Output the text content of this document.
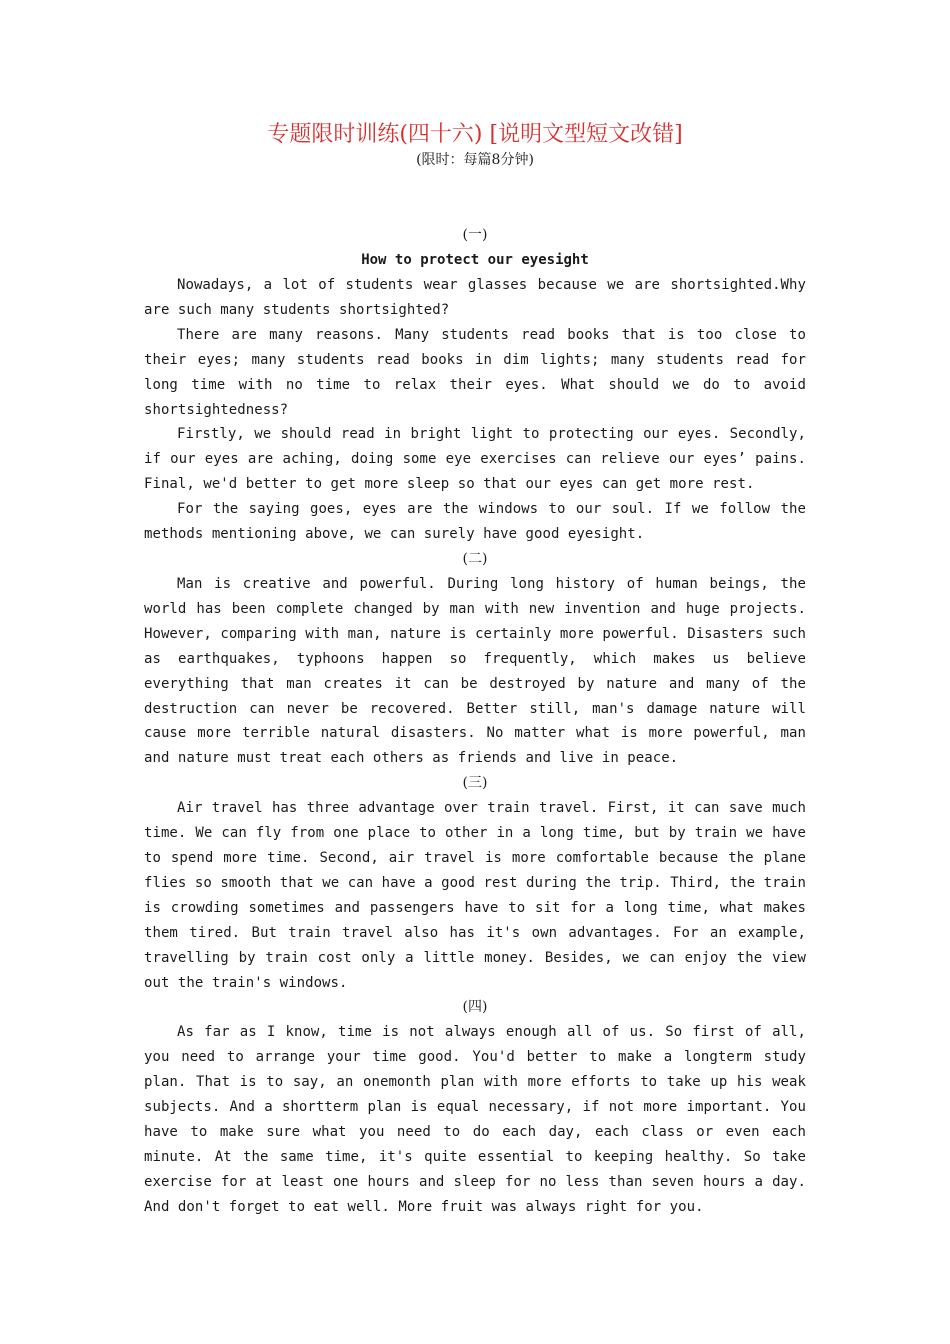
专题限时训练(四十六) [说明文型短文改错]
(限时：每篇8分钟)
(一)
How to protect our eyesight

Nowadays, a lot of students wear glasses because we are shortsighted.Why are such many students shortsighted?

There are many reasons. Many students read books that is too close to their eyes; many students read books in dim lights; many students read for long time with no time to relax their eyes. What should we do to avoid shortsightedness?

Firstly, we should read in bright light to protecting our eyes. Secondly, if our eyes are aching, doing some eye exercises can relieve our eyes’ pains. Final, we'd better to get more sleep so that our eyes can get more rest.

For the saying goes, eyes are the windows to our soul. If we follow the methods mentioning above, we can surely have good eyesight.

(二)

Man is creative and powerful. During long history of human beings, the world has been complete changed by man with new invention and huge projects. However, comparing with man, nature is certainly more powerful. Disasters such as earthquakes, typhoons happen so frequently, which makes us believe everything that man creates it can be destroyed by nature and many of the destruction can never be recovered. Better still, man's damage nature will cause more terrible natural disasters. No matter what is more powerful, man and nature must treat each others as friends and live in peace.

(三)

Air travel has three advantage over train travel. First, it can save much time. We can fly from one place to other in a long time, but by train we have to spend more time. Second, air travel is more comfortable because the plane flies so smooth that we can have a good rest during the trip. Third, the train is crowding sometimes and passengers have to sit for a long time, what makes them tired. But train travel also has it's own advantages. For an example, travelling by train cost only a little money. Besides, we can enjoy the view out the train's windows.

(四)

As far as I know, time is not always enough all of us. So first of all, you need to arrange your time good. You'd better to make a longterm study plan. That is to say, an onemonth plan with more efforts to take up his weak subjects. And a shortterm plan is equal necessary, if not more important. You have to make sure what you need to do each day, each class or even each minute. At the same time, it's quite essential to keeping healthy. So take exercise for at least one hours and sleep for no less than seven hours a day. And don't forget to eat well. More fruit was always right for you.
